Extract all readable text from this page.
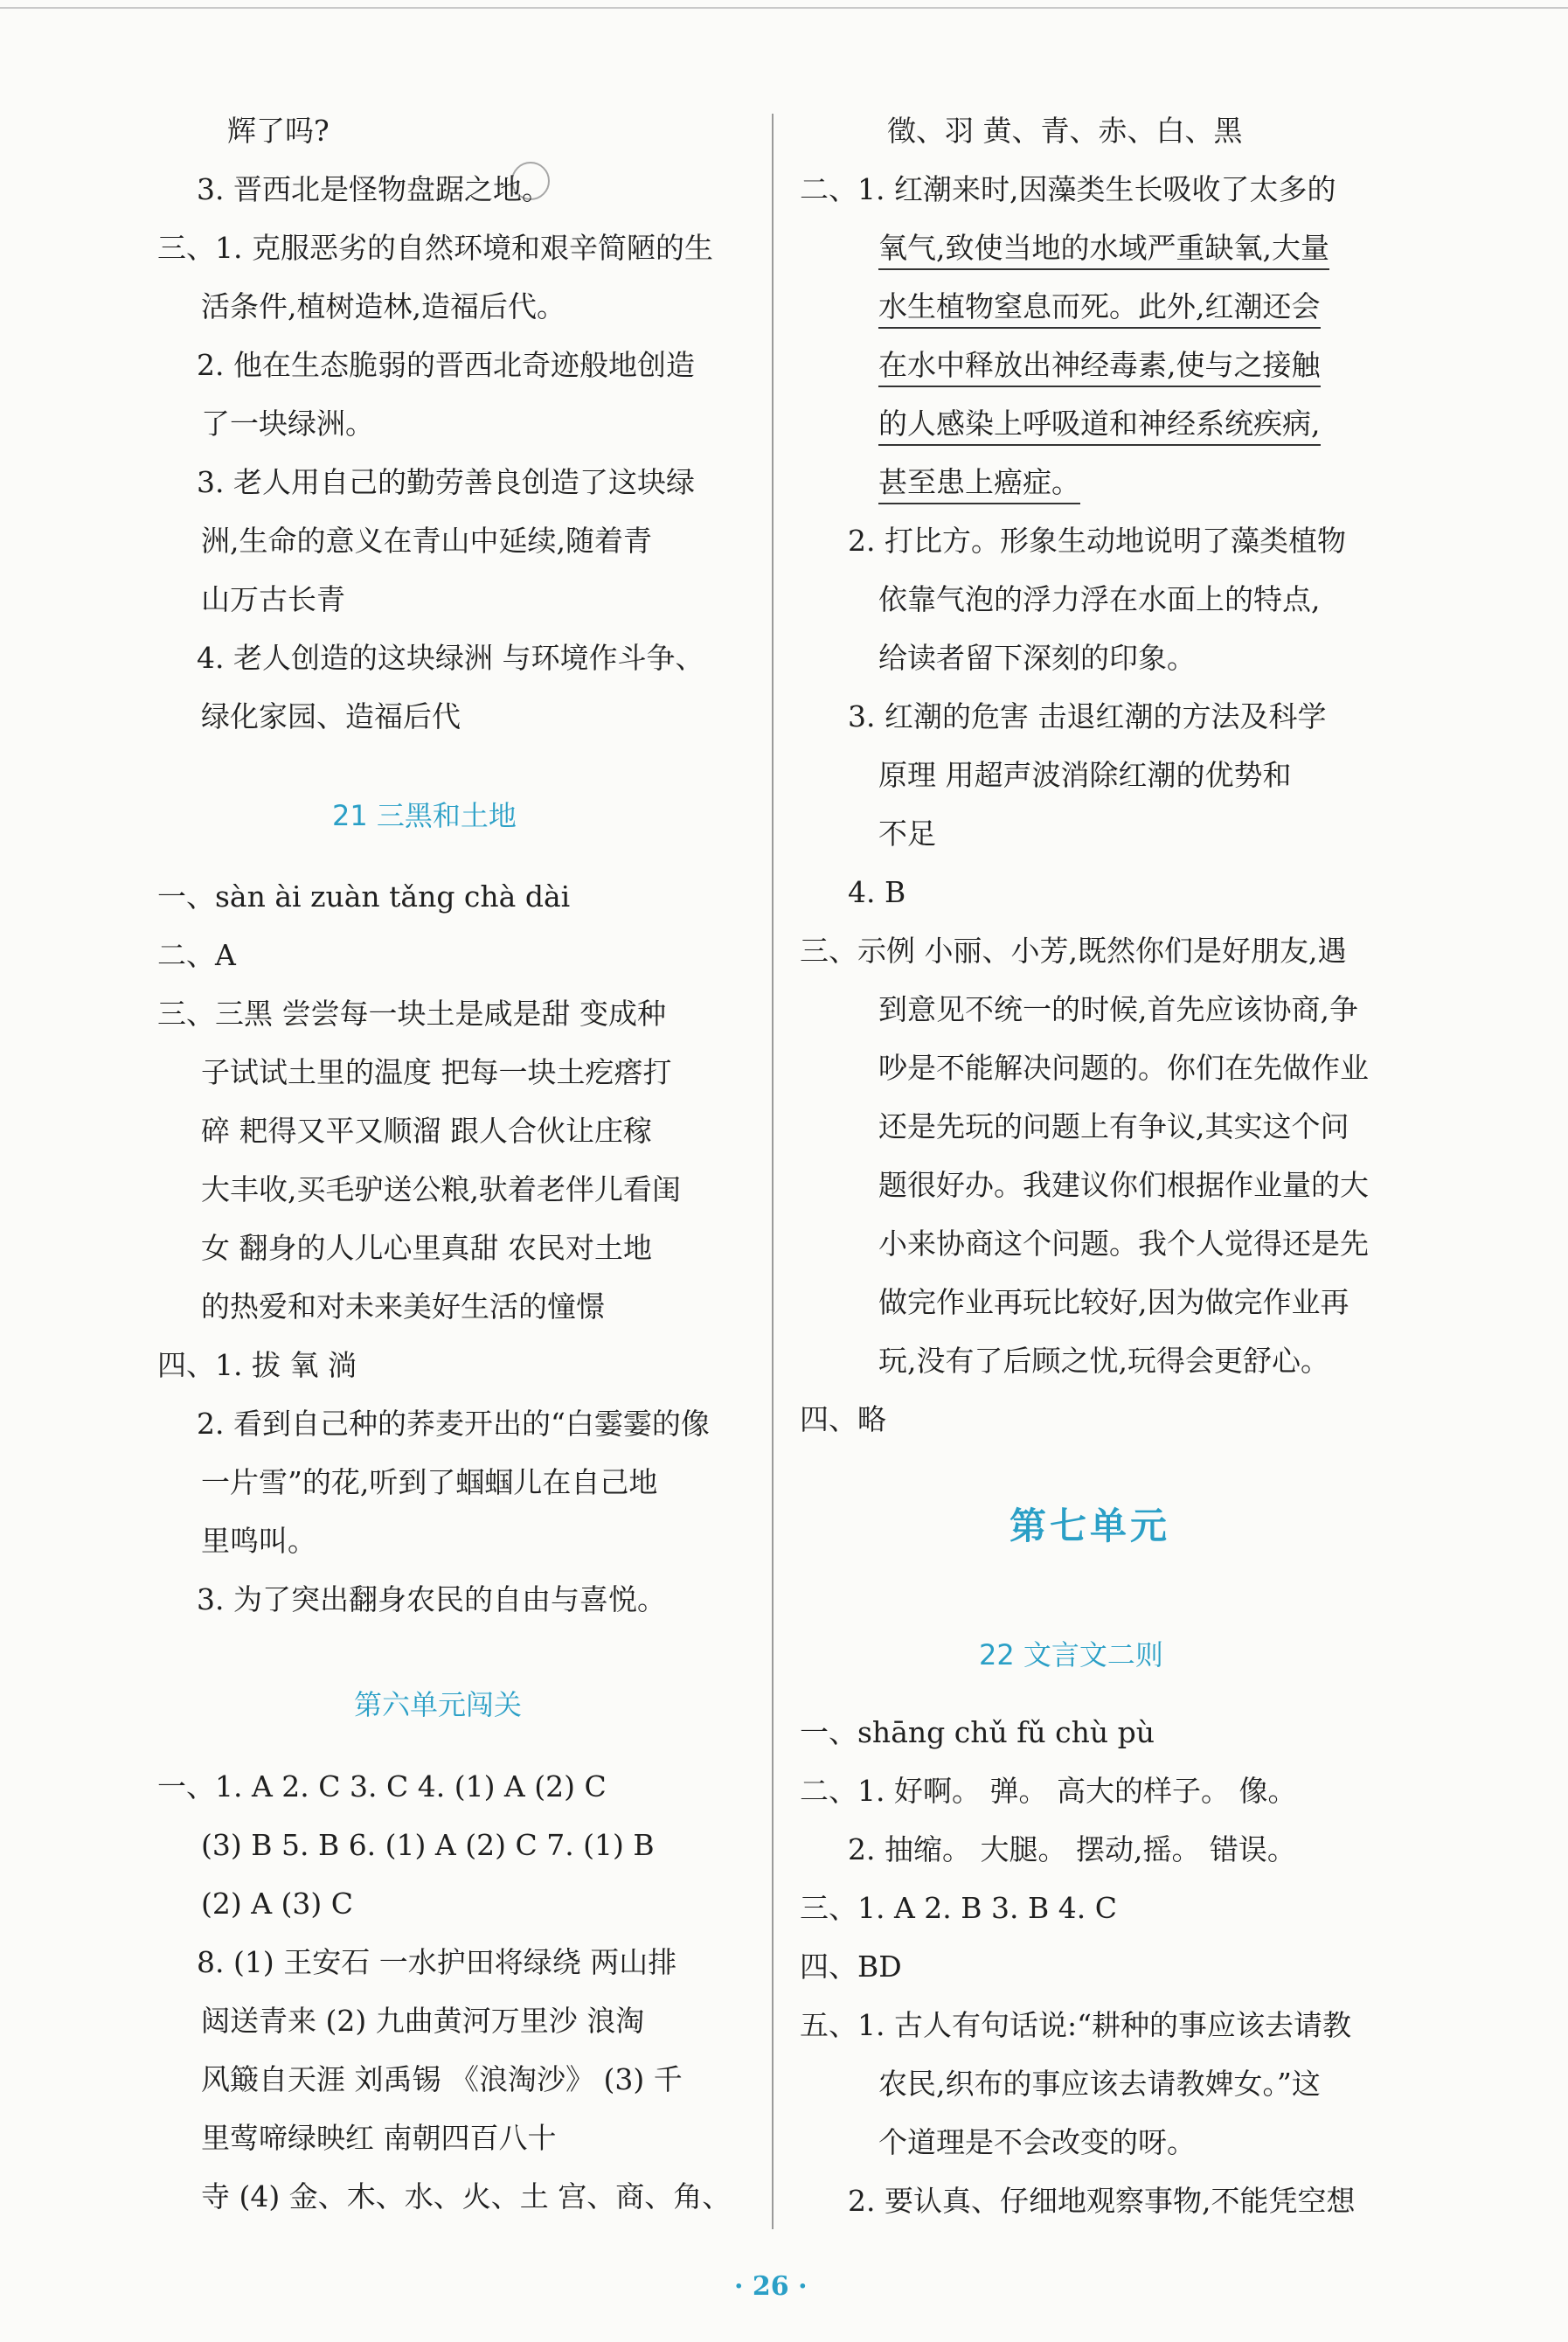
辉了吗?
3. 晋西北是怪物盘踞之地。
三、1. 克服恶劣的自然环境和艰辛简陋的生
活条件,植树造林,造福后代。
2. 他在生态脆弱的晋西北奇迹般地创造
了一块绿洲。
3. 老人用自己的勤劳善良创造了这块绿
洲,生命的意义在青山中延续,随着青
山万古长青
4. 老人创造的这块绿洲 与环境作斗争、
绿化家园、造福后代
21 三黑和土地
一、sàn ài zuàn tǎng chà dài
二、A
三、三黑 尝尝每一块土是咸是甜 变成种
子试试土里的温度 把每一块土疙瘩打
碎 耙得又平又顺溜 跟人合伙让庄稼
大丰收,买毛驴送公粮,驮着老伴儿看闺
女 翻身的人儿心里真甜 农民对土地
的热爱和对未来美好生活的憧憬
四、1. 拔 氧 淌
2. 看到自己种的荞麦开出的“白霎霎的像
一片雪”的花,听到了蝈蝈儿在自己地
里鸣叫。
3. 为了突出翻身农民的自由与喜悦。
第六单元闯关
一、1. A 2. C 3. C 4. (1) A (2) C
(3) B 5. B 6. (1) A (2) C 7. (1) B
(2) A (3) C
8. (1) 王安石 一水护田将绿绕 两山排
闼送青来 (2) 九曲黄河万里沙 浪淘
风簸自天涯 刘禹锡 《浪淘沙》 (3) 千
里莺啼绿映红 南朝四百八十
寺 (4) 金、木、水、火、土 宫、商、角、
徵、羽 黄、青、赤、白、黑
二、1. 红潮来时,因藻类生长吸收了太多的
氧气,致使当地的水域严重缺氧,大量
水生植物窒息而死。此外,红潮还会
在水中释放出神经毒素,使与之接触
的人感染上呼吸道和神经系统疾病,
甚至患上癌症。
2. 打比方。形象生动地说明了藻类植物
依靠气泡的浮力浮在水面上的特点,
给读者留下深刻的印象。
3. 红潮的危害 击退红潮的方法及科学
原理 用超声波消除红潮的优势和
不足
4. B
三、示例 小丽、小芳,既然你们是好朋友,遇
到意见不统一的时候,首先应该协商,争
吵是不能解决问题的。你们在先做作业
还是先玩的问题上有争议,其实这个问
题很好办。我建议你们根据作业量的大
小来协商这个问题。我个人觉得还是先
做完作业再玩比较好,因为做完作业再
玩,没有了后顾之忧,玩得会更舒心。
四、略
第七单元
22 文言文二则
一、shāng chǔ fǔ chù pù
二、1. 好啊。 弹。 高大的样子。 像。
2. 抽缩。 大腿。 摆动,摇。 错误。
三、1. A 2. B 3. B 4. C
四、BD
五、1. 古人有句话说:“耕种的事应该去请教
农民,织布的事应该去请教婢女。”这
个道理是不会改变的呀。
2. 要认真、仔细地观察事物,不能凭空想
· 26 ·
